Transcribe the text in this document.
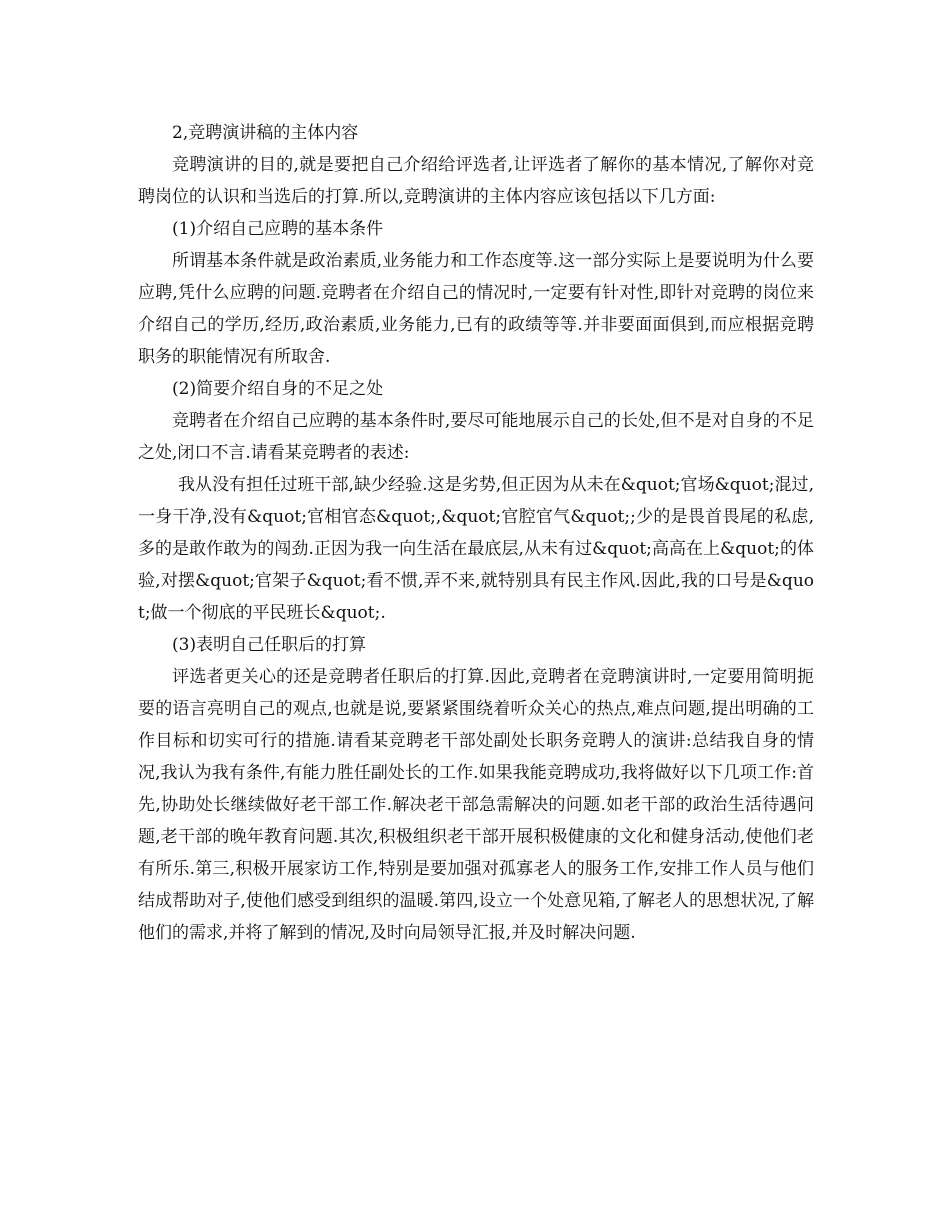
2,竞聘演讲稿的主体内容

竞聘演讲的目的,就是要把自己介绍给评选者,让评选者了解你的基本情况,了解你对竞聘岗位的认识和当选后的打算.所以,竞聘演讲的主体内容应该包括以下几方面:

(1)介绍自己应聘的基本条件

所谓基本条件就是政治素质,业务能力和工作态度等.这一部分实际上是要说明为什么要应聘,凭什么应聘的问题.竞聘者在介绍自己的情况时,一定要有针对性,即针对竞聘的岗位来介绍自己的学历,经历,政治素质,业务能力,已有的政绩等等.并非要面面俱到,而应根据竞聘职务的职能情况有所取舍.

(2)简要介绍自身的不足之处

竞聘者在介绍自己应聘的基本条件时,要尽可能地展示自己的长处,但不是对自身的不足之处,闭口不言.请看某竞聘者的表述:

我从没有担任过班干部,缺少经验.这是劣势,但正因为从未在&quot;官场&quot;混过,一身干净,没有&quot;官相官态&quot;,&quot;官腔官气&quot;;少的是畏首畏尾的私虑,多的是敢作敢为的闯劲.正因为我一向生活在最底层,从未有过&quot;高高在上&quot;的体验,对摆&quot;官架子&quot;看不惯,弄不来,就特别具有民主作风.因此,我的口号是&quot;做一个彻底的平民班长&quot;.

(3)表明自己任职后的打算

评选者更关心的还是竞聘者任职后的打算.因此,竞聘者在竞聘演讲时,一定要用简明扼要的语言亮明自己的观点,也就是说,要紧紧围绕着听众关心的热点,难点问题,提出明确的工作目标和切实可行的措施.请看某竞聘老干部处副处长职务竞聘人的演讲:总结我自身的情况,我认为我有条件,有能力胜任副处长的工作.如果我能竞聘成功,我将做好以下几项工作:首先,协助处长继续做好老干部工作.解决老干部急需解决的问题.如老干部的政治生活待遇问题,老干部的晚年教育问题.其次,积极组织老干部开展积极健康的文化和健身活动,使他们老有所乐.第三,积极开展家访工作,特别是要加强对孤寡老人的服务工作,安排工作人员与他们结成帮助对子,使他们感受到组织的温暖.第四,设立一个处意见箱,了解老人的思想状况,了解他们的需求,并将了解到的情况,及时向局领导汇报,并及时解决问题.
